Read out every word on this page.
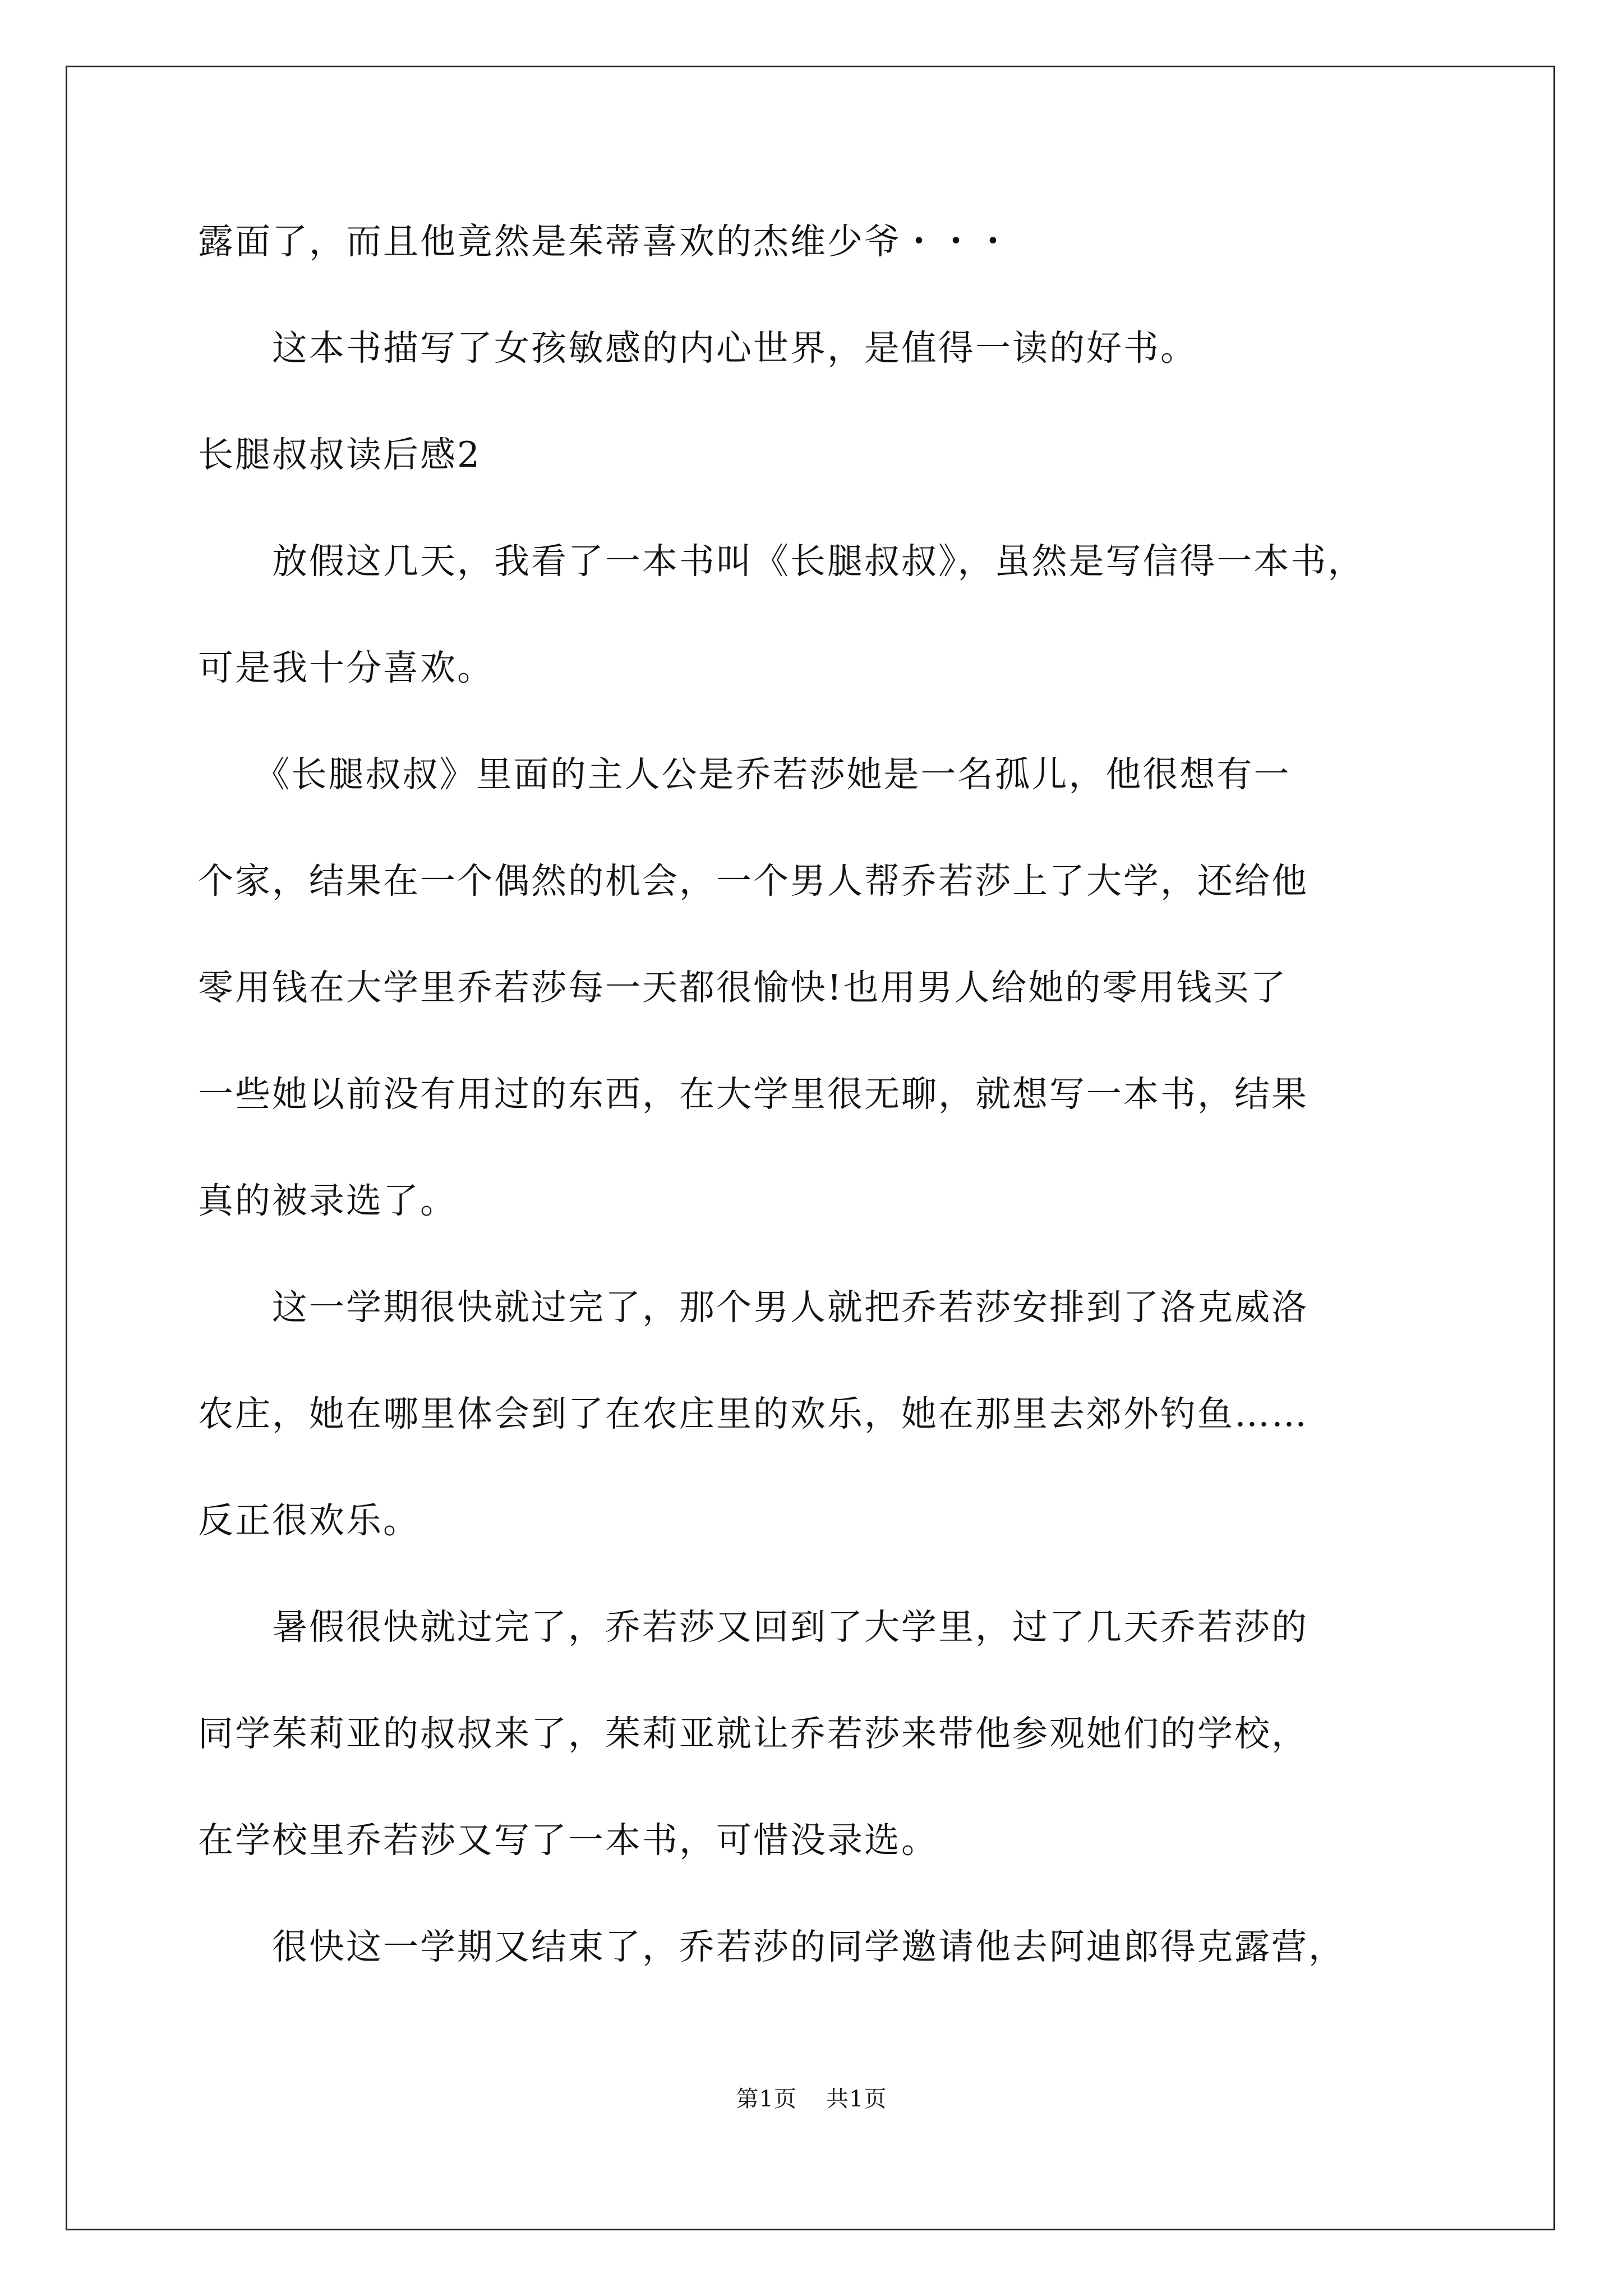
露面了，而且他竟然是茱蒂喜欢的杰维少爷・・・
　　这本书描写了女孩敏感的内心世界，是值得一读的好书。
长腿叔叔读后感2
　　放假这几天，我看了一本书叫《长腿叔叔》，虽然是写信得一本书，
可是我十分喜欢。
　　《长腿叔叔》里面的主人公是乔若莎她是一名孤儿，他很想有一
个家，结果在一个偶然的机会，一个男人帮乔若莎上了大学，还给他
零用钱在大学里乔若莎每一天都很愉快!也用男人给她的零用钱买了
一些她以前没有用过的东西，在大学里很无聊，就想写一本书，结果
真的被录选了。
　　这一学期很快就过完了，那个男人就把乔若莎安排到了洛克威洛
农庄，她在哪里体会到了在农庄里的欢乐，她在那里去郊外钓鱼……
反正很欢乐。
　　暑假很快就过完了，乔若莎又回到了大学里，过了几天乔若莎的
同学茱莉亚的叔叔来了，茱莉亚就让乔若莎来带他参观她们的学校，
在学校里乔若莎又写了一本书，可惜没录选。
　　很快这一学期又结束了，乔若莎的同学邀请他去阿迪郎得克露营，
第1页 共1页
